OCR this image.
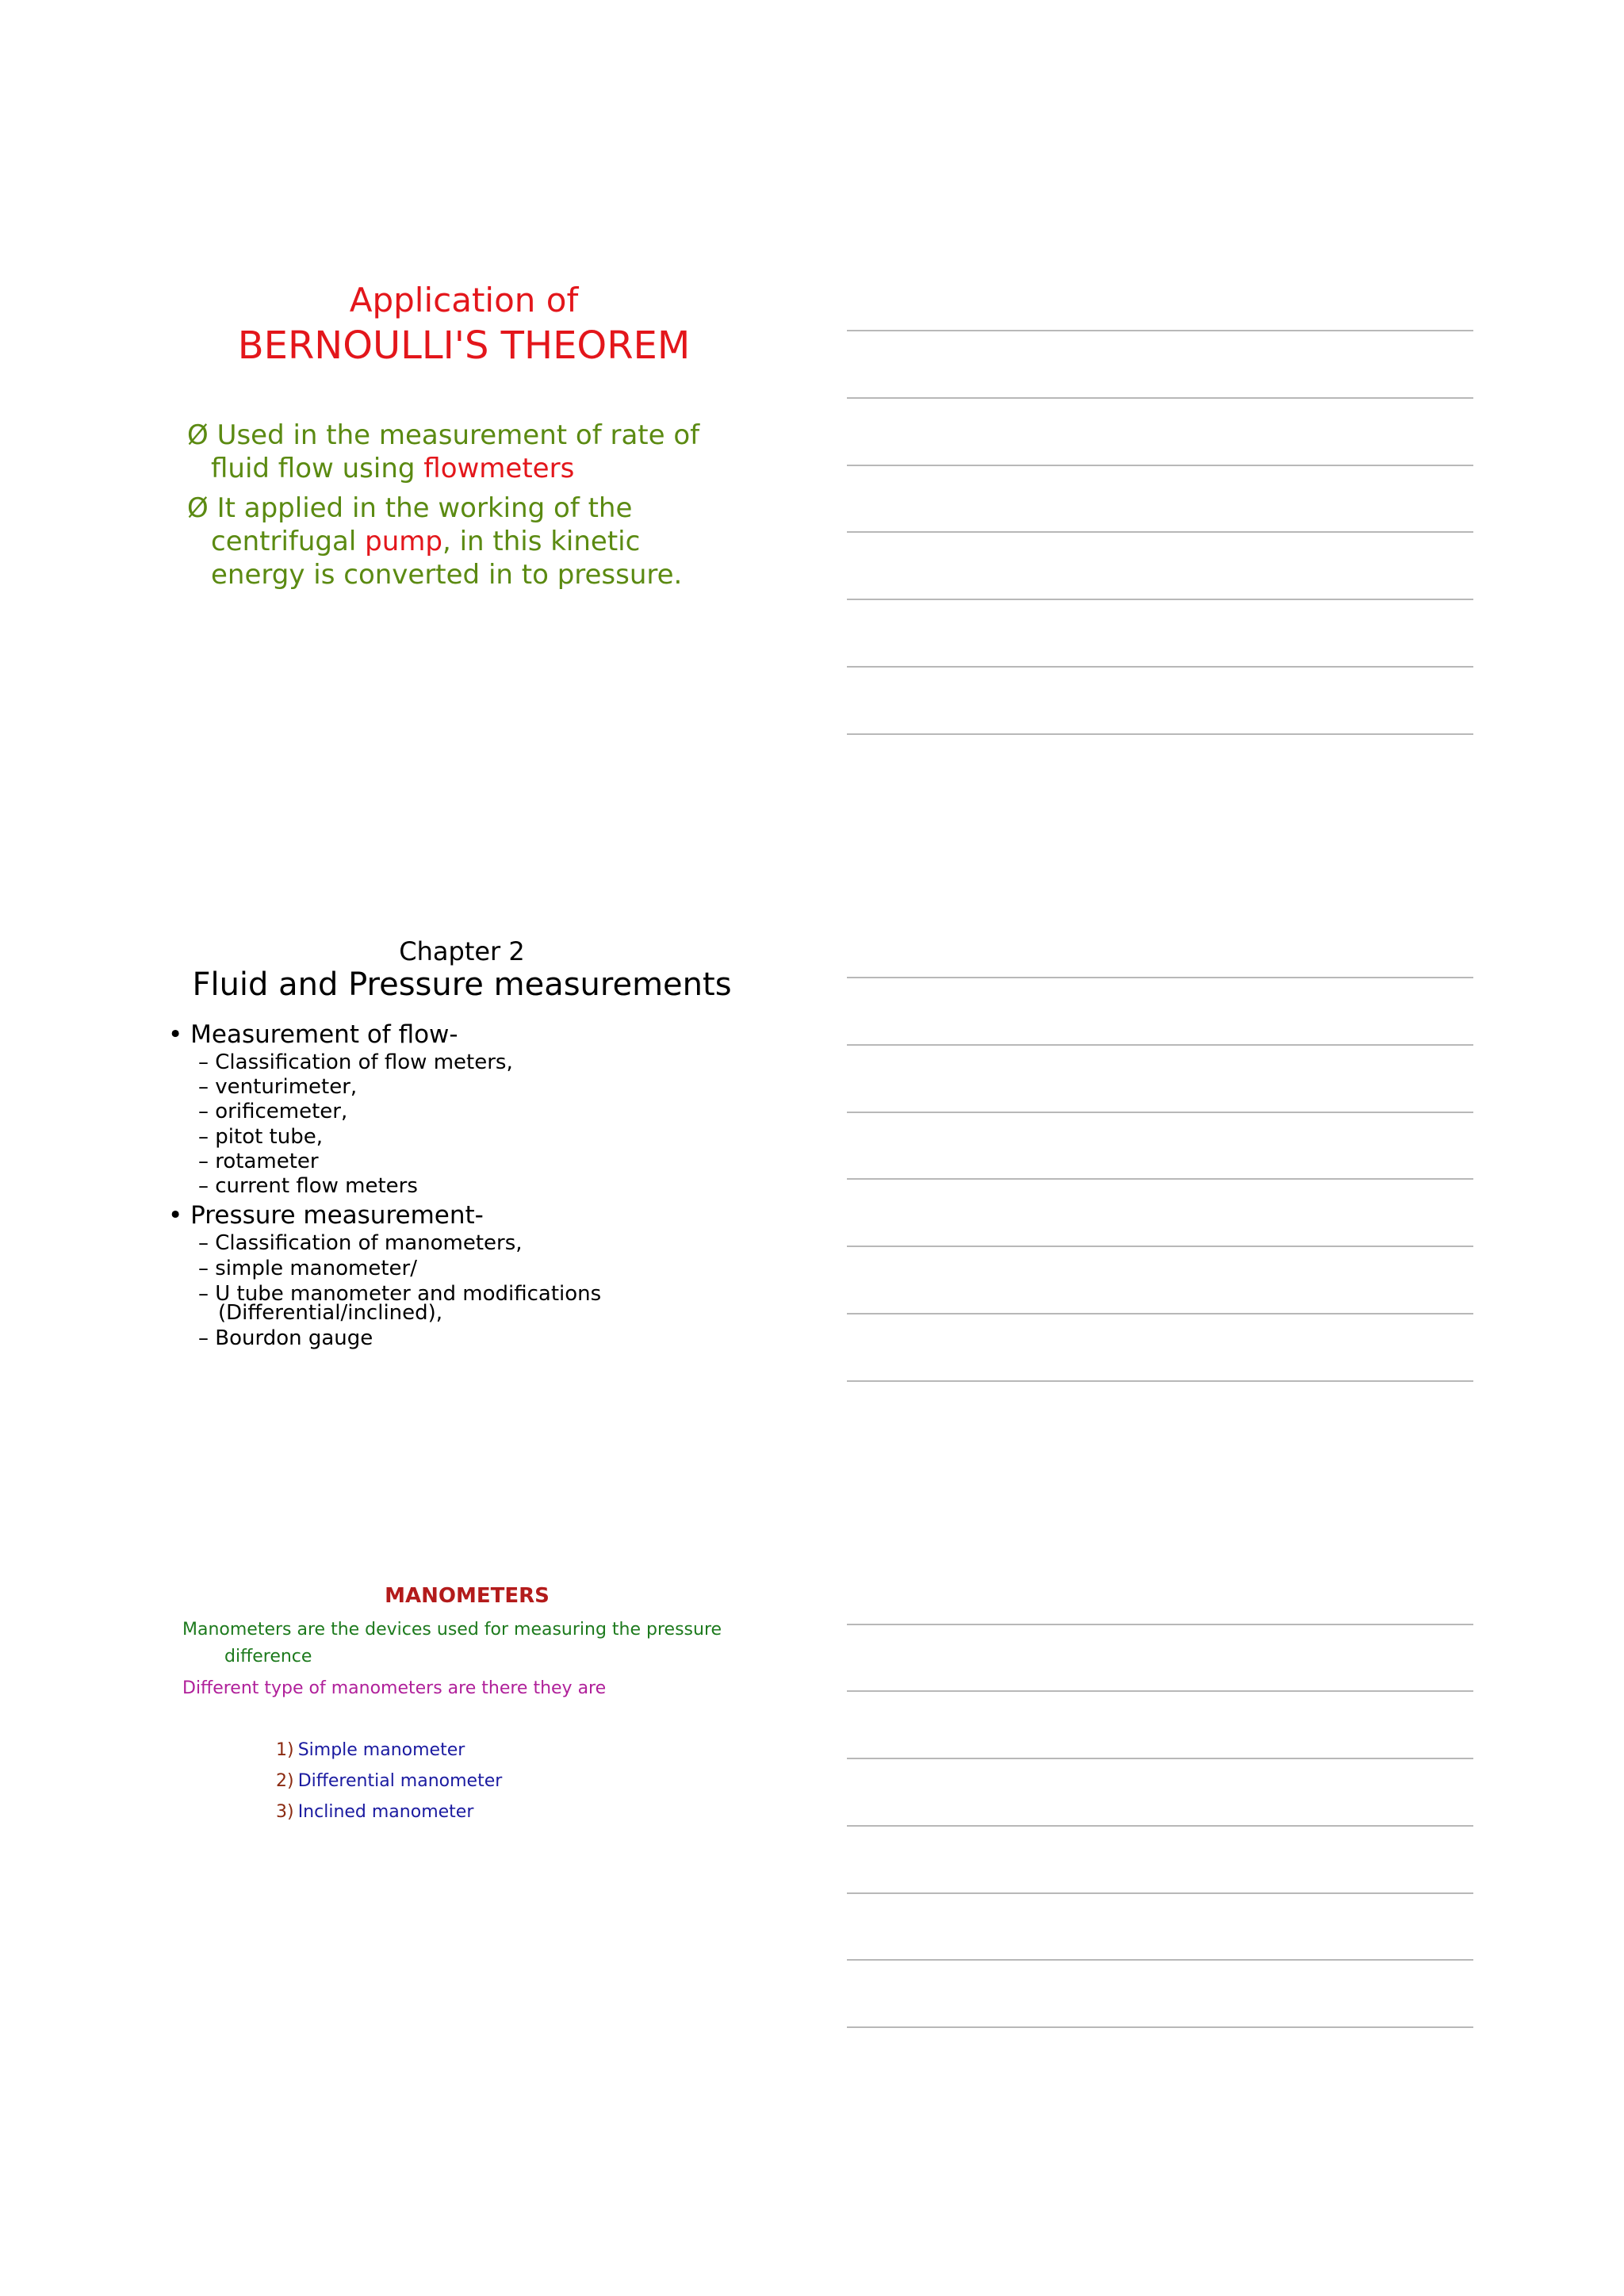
Application of
BERNOULLI'S THEOREM
Ø Used in the measurement of rate of
fluid flow using flowmeters
Ø It applied in the working of the
centrifugal pump, in this kinetic
energy is converted in to pressure.
Chapter 2
Fluid and Pressure measurements
• Measurement of flow-
– Classification of flow meters,
– venturimeter,
– orificemeter,
– pitot tube,
– rotameter
– current flow meters
• Pressure measurement-
– Classification of manometers,
– simple manometer/
– U tube manometer and modifications
(Differential/inclined),
– Bourdon gauge
MANOMETERS
Manometers are the devices used for measuring the pressure
difference
Different type of manometers are there they are
1) Simple manometer
2) Differential manometer
3) Inclined manometer
